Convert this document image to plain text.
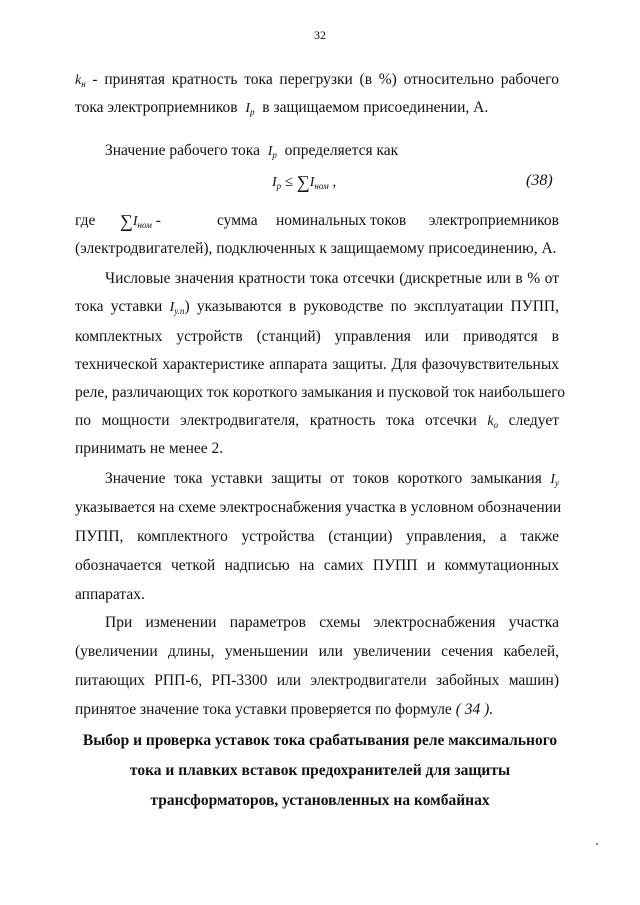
32
$k_н$ - принятая кратность тока перегрузки (в %) относительно рабочего
тока электроприемников $I_р$ в защищаемом присоединении, А.
Значение рабочего тока $I_р$ определяется как
$I_р \le \sum I_{ном}$ ,	(38)
где $\sum I_{ном}$ -	сумма номинальных токов электроприемников
(электродвигателей), подключенных к защищаемому присоединению, А.
Числовые значения кратности тока отсечки (дискретные или в % от
тока уставки $I_{у.п}$) указываются в руководстве по эксплуатации ПУПП,
комплектных устройств (станций) управления или приводятся в
технической характеристике аппарата защиты. Для фазочувствительных
реле, различающих ток короткого замыкания и пусковой ток наибольшего
по мощности электродвигателя, кратность тока отсечки $k_о$ следует
принимать не менее 2.
Значение тока уставки защиты от токов короткого замыкания $I_у$
указывается на схеме электроснабжения участка в условном обозначении
ПУПП, комплектного устройства (станции) управления, а также
обозначается четкой надписью на самих ПУПП и коммутационных
аппаратах.
При изменении параметров схемы электроснабжения участка
(увеличении длины, уменьшении или увеличении сечения кабелей,
питающих РПП-6, РП-3300 или электродвигатели забойных машин)
принятое значение тока уставки проверяется по формуле ( 34 ).
Выбор и проверка уставок тока срабатывания реле максимального
тока и плавких вставок предохранителей для защиты
трансформаторов, установленных на комбайнах
